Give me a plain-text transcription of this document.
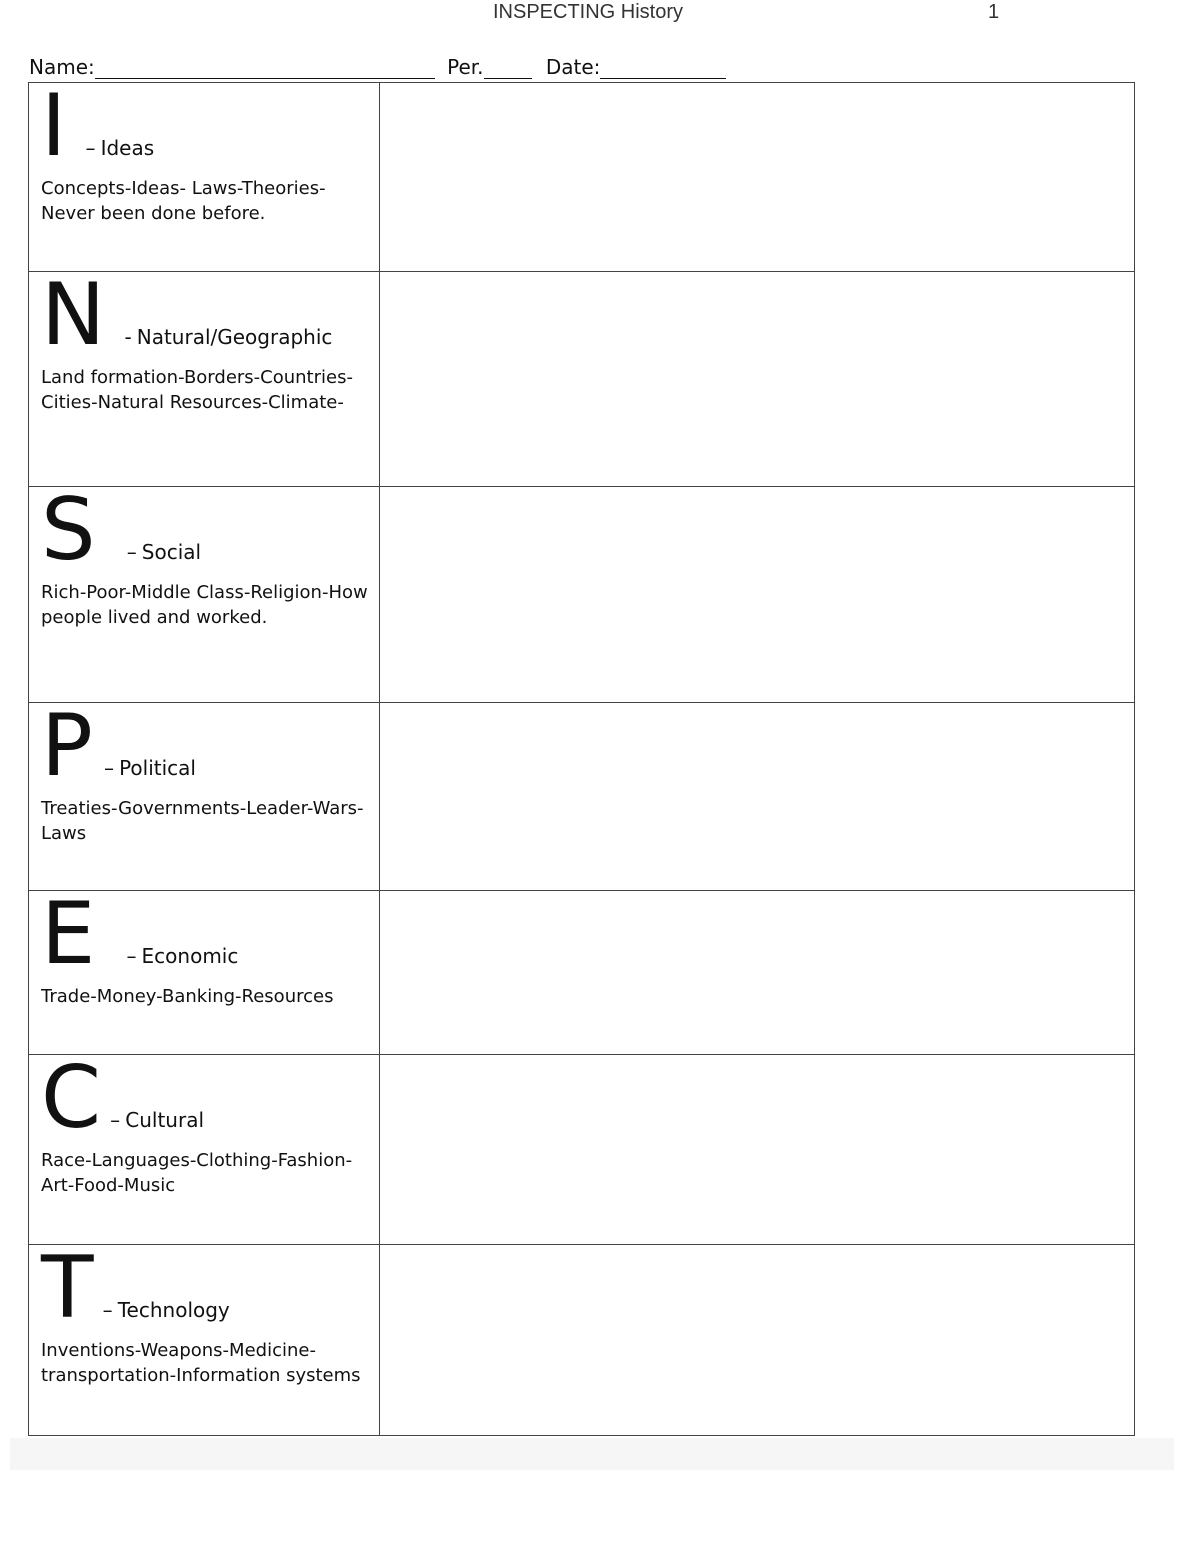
INSPECTING History	1
Name:	Per.	Date:
I – Ideas
Concepts-Ideas- Laws-Theories- Never been done before.	

N - Natural/Geographic
Land formation-Borders-Countries-Cities-Natural Resources-Climate-	

S – Social
Rich-Poor-Middle Class-Religion-How people lived and worked.	

P – Political
Treaties-Governments-Leader-Wars-Laws	

E – Economic
Trade-Money-Banking-Resources	

C – Cultural
Race-Languages-Clothing-Fashion-Art-Food-Music	

T – Technology
Inventions-Weapons-Medicine-transportation-Information systems	
